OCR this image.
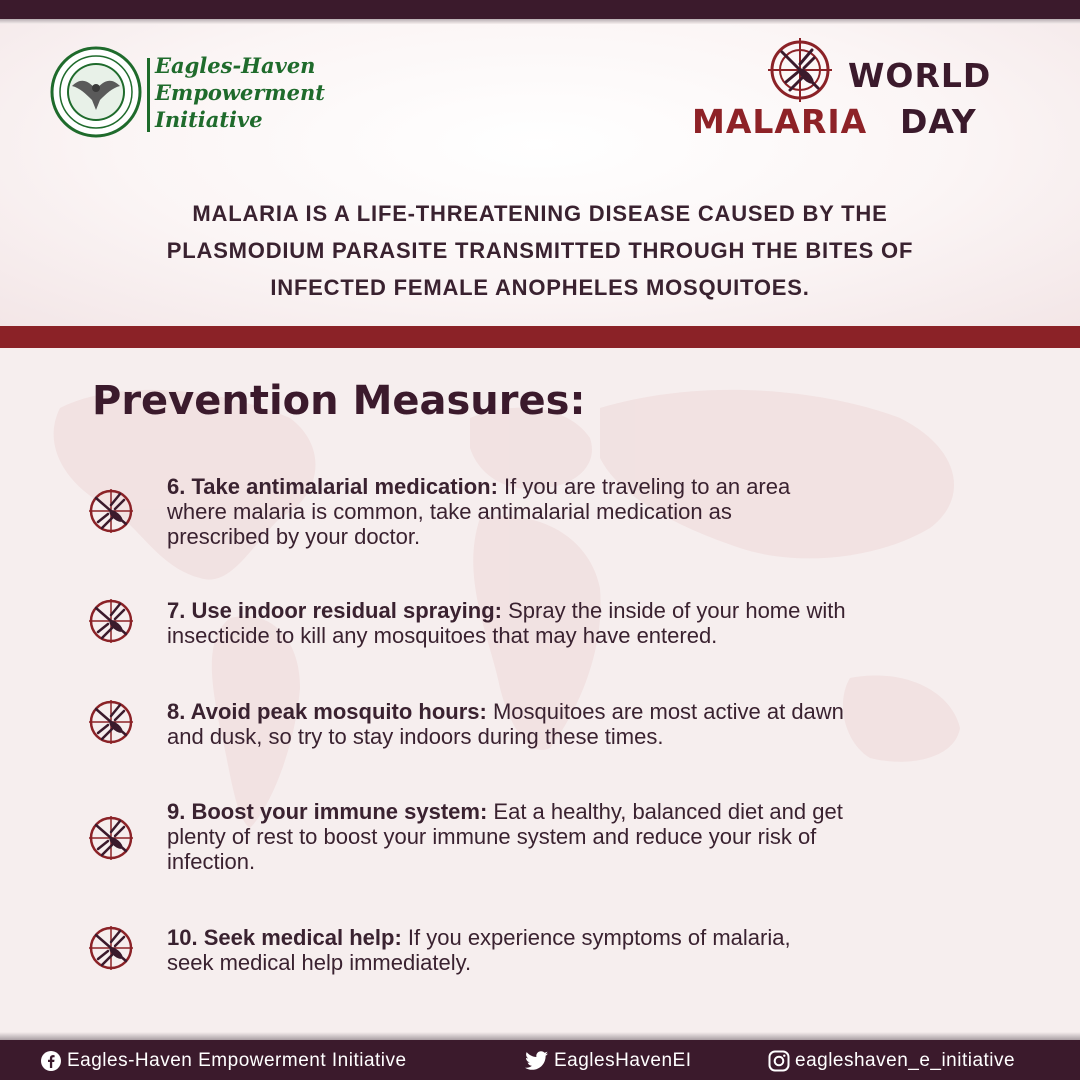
Eagles-Haven
Empowerment
Initiative
WORLD
MALARIA DAY
MALARIA IS A LIFE-THREATENING DISEASE CAUSED BY THE
PLASMODIUM PARASITE TRANSMITTED THROUGH THE BITES OF
INFECTED FEMALE ANOPHELES MOSQUITOES.
Prevention Measures:
6. Take antimalarial medication: If you are traveling to an area
where malaria is common, take antimalarial medication as
prescribed by your doctor.
7. Use indoor residual spraying: Spray the inside of your home with
insecticide to kill any mosquitoes that may have entered.
8. Avoid peak mosquito hours: Mosquitoes are most active at dawn
and dusk, so try to stay indoors during these times.
9. Boost your immune system: Eat a healthy, balanced diet and get
plenty of rest to boost your immune system and reduce your risk of
infection.
10. Seek medical help: If you experience symptoms of malaria,
seek medical help immediately.
Eagles-Haven Empowerment Initiative	EaglesHavenEI	eagleshaven_e_initiative
